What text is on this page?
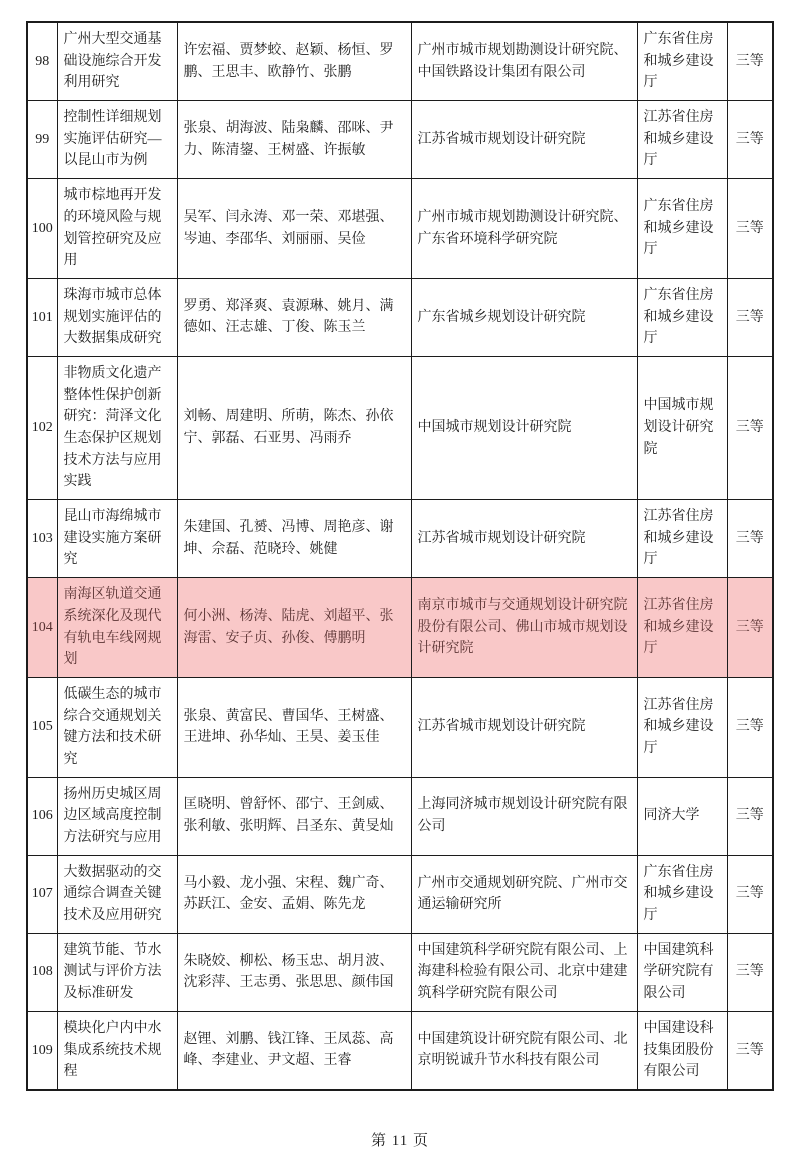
98	广州大型交通基础设施综合开发利用研究	许宏福、贾梦蛟、赵颖、杨恒、罗鹏、王思丰、欧静竹、张鹏	广州市城市规划勘测设计研究院、中国铁路设计集团有限公司	广东省住房和城乡建设厅	三等
99	控制性详细规划实施评估研究—以昆山市为例	张泉、胡海波、陆枭麟、邵咪、尹力、陈清鋆、王树盛、许振敏	江苏省城市规划设计研究院	江苏省住房和城乡建设厅	三等
100	城市棕地再开发的环境风险与规划管控研究及应用	吴军、闫永涛、邓一荣、邓堪强、岑迪、李邵华、刘丽丽、吴俭	广州市城市规划勘测设计研究院、广东省环境科学研究院	广东省住房和城乡建设厅	三等
101	珠海市城市总体规划实施评估的大数据集成研究	罗勇、郑泽爽、袁源琳、姚月、满德如、汪志雄、丁俊、陈玉兰	广东省城乡规划设计研究院	广东省住房和城乡建设厅	三等
102	非物质文化遗产整体性保护创新研究：菏泽文化生态保护区规划技术方法与应用实践	刘畅、周建明、所萌，陈杰、孙依宁、郭磊、石亚男、冯雨乔	中国城市规划设计研究院	中国城市规划设计研究院	三等
103	昆山市海绵城市建设实施方案研究	朱建国、孔赟、冯博、周艳彦、谢坤、佘磊、范晓玲、姚健	江苏省城市规划设计研究院	江苏省住房和城乡建设厅	三等
104	南海区轨道交通系统深化及现代有轨电车线网规划	何小洲、杨涛、陆虎、刘超平、张海雷、安子贞、孙俊、傅鹏明	南京市城市与交通规划设计研究院股份有限公司、佛山市城市规划设计研究院	江苏省住房和城乡建设厅	三等
105	低碳生态的城市综合交通规划关键方法和技术研究	张泉、黄富民、曹国华、王树盛、王进坤、孙华灿、王昊、姜玉佳	江苏省城市规划设计研究院	江苏省住房和城乡建设厅	三等
106	扬州历史城区周边区域高度控制方法研究与应用	匡晓明、曾舒怀、邵宁、王剑威、张利敏、张明辉、吕圣东、黄旻灿	上海同济城市规划设计研究院有限公司	同济大学	三等
107	大数据驱动的交通综合调查关键技术及应用研究	马小毅、龙小强、宋程、魏广奇、苏跃江、金安、孟娟、陈先龙	广州市交通规划研究院、广州市交通运输研究所	广东省住房和城乡建设厅	三等
108	建筑节能、节水测试与评价方法及标准研发	朱晓姣、柳松、杨玉忠、胡月波、沈彩萍、王志勇、张思思、颜伟国	中国建筑科学研究院有限公司、上海建科检验有限公司、北京中建建筑科学研究院有限公司	中国建筑科学研究院有限公司	三等
109	模块化户内中水集成系统技术规程	赵锂、刘鹏、钱江锋、王凤蕊、高峰、李建业、尹文超、王睿	中国建筑设计研究院有限公司、北京明锐诚升节水科技有限公司	中国建设科技集团股份有限公司	三等
第 11 页
